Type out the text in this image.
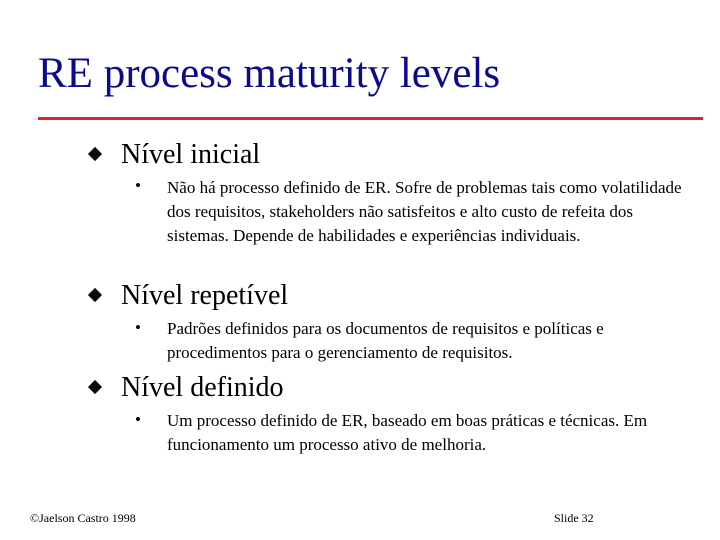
RE process maturity levels
Nível inicial
• Não há processo definido de ER. Sofre de problemas tais como volatilidade dos requisitos, stakeholders não satisfeitos e alto custo de refeita dos sistemas. Depende de habilidades e experiências individuais.
Nível repetível
• Padrões definidos para os documentos de requisitos e políticas e procedimentos para o gerenciamento de requisitos.
Nível definido
• Um processo definido de ER, baseado em boas práticas e técnicas. Em funcionamento um processo ativo de melhoria.
©Jaelson Castro 1998	Slide 32
